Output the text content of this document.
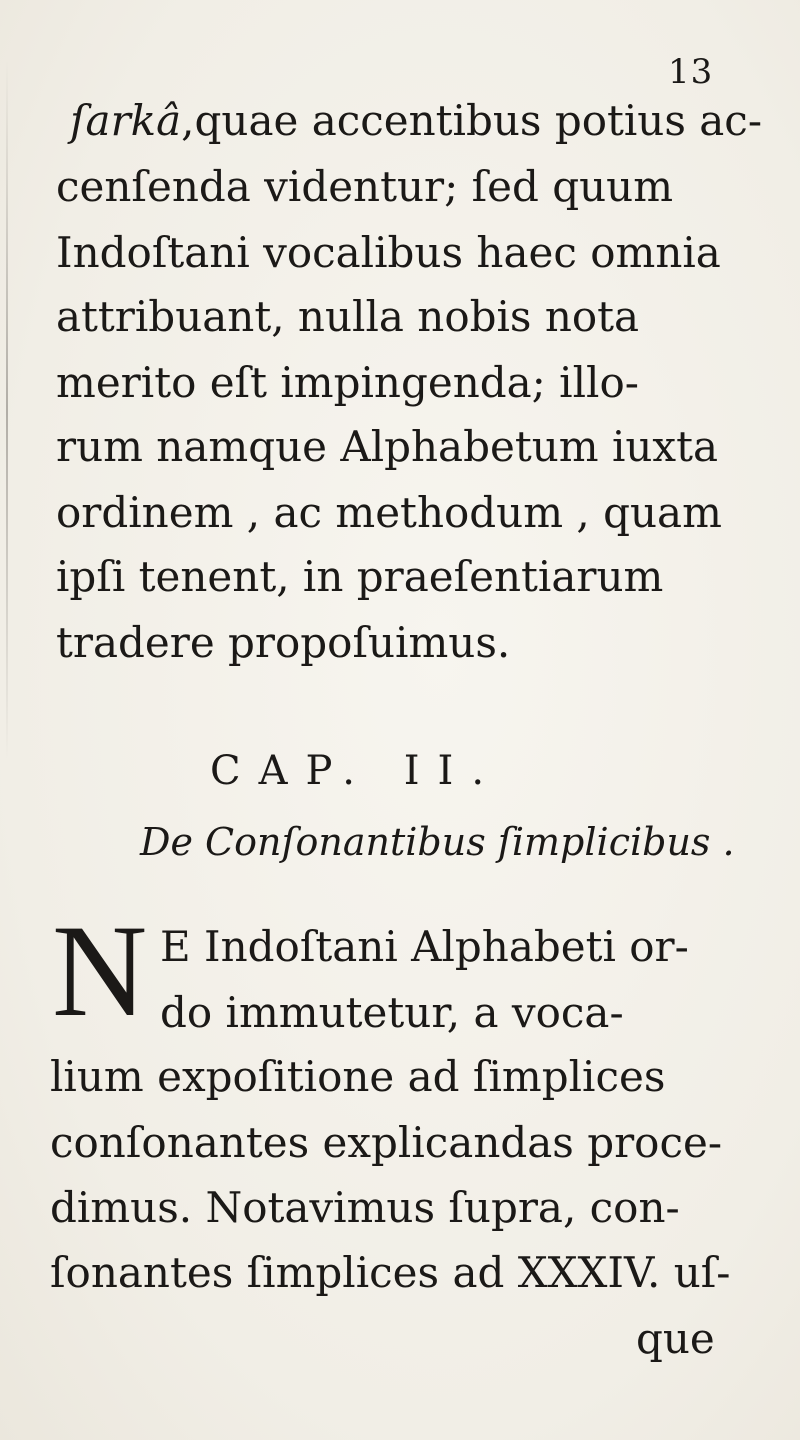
13
ſarkâ,quae accentibus potius ac-
cenſenda videntur; ſed quum
Indoſtani vocalibus haec omnia
attribuant, nulla nobis nota
merito eſt impingenda; illo-
rum namque Alphabetum iuxta
ordinem , ac methodum , quam
ipſi tenent, in praeſentiarum
tradere propoſuimus.
CAP. II.
De Conſonantibus ſimplicibus .
N E Indoſtani Alphabeti or-
do immutetur, a voca-
lium expoſitione ad ſimplices
conſonantes explicandas proce-
dimus. Notavimus ſupra, con-
ſonantes ſimplices ad XXXIV. uſ-
que
